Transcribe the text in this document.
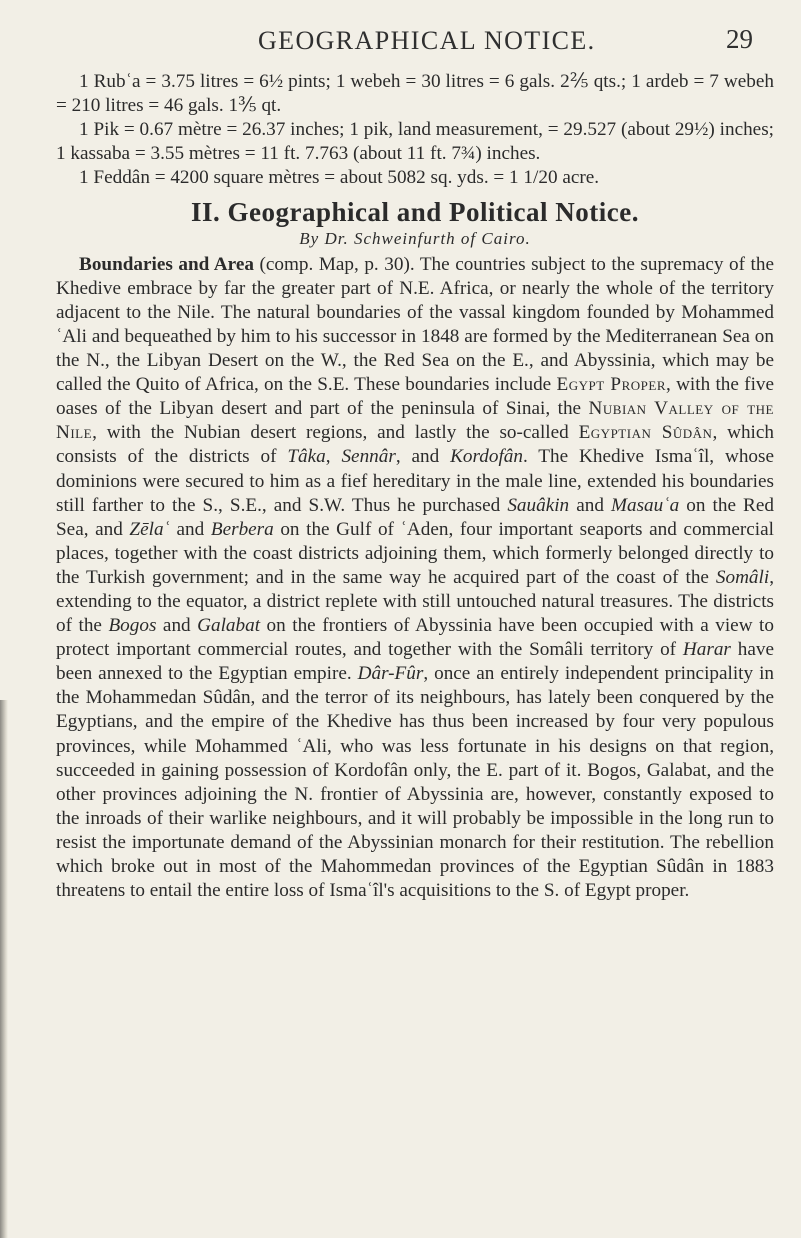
GEOGRAPHICAL NOTICE.	29

1 Rubʿa = 3.75 litres = 6½ pints; 1 webeh = 30 litres = 6 gals. 2⅖ qts.; 1 ardeb = 7 webeh = 210 litres = 46 gals. 1⅗ qt.

1 Pik = 0.67 mètre = 26.37 inches; 1 pik, land measurement, = 29.527 (about 29½) inches; 1 kassaba = 3.55 mètres = 11 ft. 7.763 (about 11 ft. 7¾) inches.

1 Feddân = 4200 square mètres = about 5082 sq. yds. = 1 1/20 acre.

II. Geographical and Political Notice.

By Dr. Schweinfurth of Cairo.

Boundaries and Area (comp. Map, p. 30). The countries subject to the supremacy of the Khedive embrace by far the greater part of N.E. Africa, or nearly the whole of the territory adjacent to the Nile. The natural boundaries of the vassal kingdom founded by Mohammed ʿAli and bequeathed by him to his successor in 1848 are formed by the Mediterranean Sea on the N., the Libyan Desert on the W., the Red Sea on the E., and Abyssinia, which may be called the Quito of Africa, on the S.E. These boundaries include Egypt Proper, with the five oases of the Libyan desert and part of the peninsula of Sinai, the Nubian Valley of the Nile, with the Nubian desert regions, and lastly the so-called Egyptian Sûdân, which consists of the districts of Tâka, Sennâr, and Kordofân. The Khedive Ismaʿîl, whose dominions were secured to him as a fief hereditary in the male line, extended his boundaries still farther to the S., S.E., and S.W. Thus he purchased Sauâkin and Masauʿa on the Red Sea, and Zēlaʿ and Berbera on the Gulf of ʿAden, four important seaports and commercial places, together with the coast districts adjoining them, which formerly belonged directly to the Turkish government; and in the same way he acquired part of the coast of the Somâli, extending to the equator, a district replete with still untouched natural treasures. The districts of the Bogos and Galabat on the frontiers of Abyssinia have been occupied with a view to protect important commercial routes, and together with the Somâli territory of Harar have been annexed to the Egyptian empire. Dâr-Fûr, once an entirely independent principality in the Mohammedan Sûdân, and the terror of its neighbours, has lately been conquered by the Egyptians, and the empire of the Khedive has thus been increased by four very populous provinces, while Mohammed ʿAli, who was less fortunate in his designs on that region, succeeded in gaining possession of Kordofân only, the E. part of it. Bogos, Galabat, and the other provinces adjoining the N. frontier of Abyssinia are, however, constantly exposed to the inroads of their warlike neighbours, and it will probably be impossible in the long run to resist the importunate demand of the Abyssinian monarch for their restitution. The rebellion which broke out in most of the Mahommedan provinces of the Egyptian Sûdân in 1883 threatens to entail the entire loss of Ismaʿîl's acquisitions to the S. of Egypt proper.
